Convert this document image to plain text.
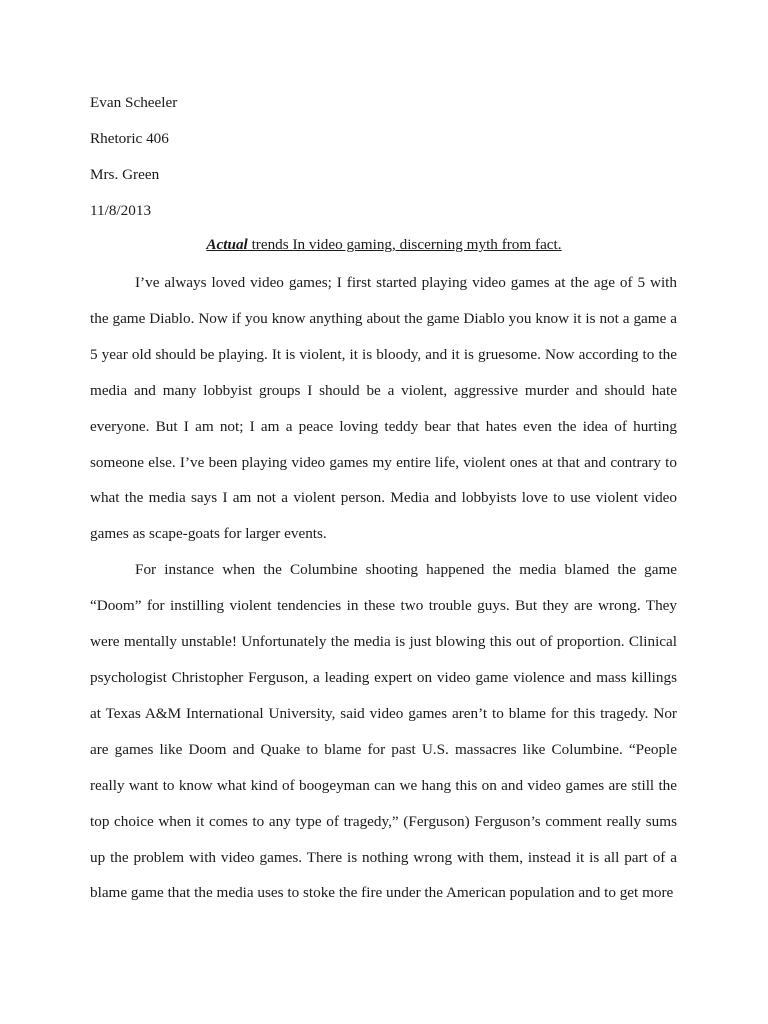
Evan Scheeler

Rhetoric 406

Mrs. Green

11/8/2013

Actual trends In video gaming, discerning myth from fact.

I’ve always loved video games; I first started playing video games at the age of 5 with the game Diablo. Now if you know anything about the game Diablo you know it is not a game a 5 year old should be playing. It is violent, it is bloody, and it is gruesome. Now according to the media and many lobbyist groups I should be a violent, aggressive murder and should hate everyone. But I am not; I am a peace loving teddy bear that hates even the idea of hurting someone else. I’ve been playing video games my entire life, violent ones at that and contrary to what the media says I am not a violent person. Media and lobbyists love to use violent video games as scape-goats for larger events.

For instance when the Columbine shooting happened the media blamed the game “Doom” for instilling violent tendencies in these two trouble guys. But they are wrong. They were mentally unstable! Unfortunately the media is just blowing this out of proportion. Clinical psychologist Christopher Ferguson, a leading expert on video game violence and mass killings at Texas A&M International University, said video games aren’t to blame for this tragedy. Nor are games like Doom and Quake to blame for past U.S. massacres like Columbine. “People really want to know what kind of boogeyman can we hang this on and video games are still the top choice when it comes to any type of tragedy,” (Ferguson) Ferguson’s comment really sums up the problem with video games. There is nothing wrong with them, instead it is all part of a blame game that the media uses to stoke the fire under the American population and to get more
